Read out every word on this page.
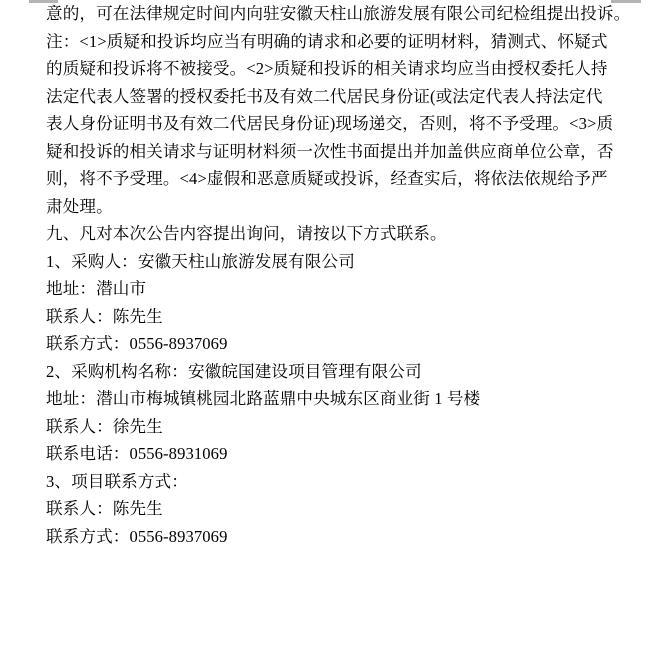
意的，可在法律规定时间内向驻安徽天柱山旅游发展有限公司纪检组提出投诉。
注：<1>质疑和投诉均应当有明确的请求和必要的证明材料，猜测式、怀疑式
的质疑和投诉将不被接受。<2>质疑和投诉的相关请求均应当由授权委托人持
法定代表人签署的授权委托书及有效二代居民身份证(或法定代表人持法定代
表人身份证明书及有效二代居民身份证)现场递交，否则，将不予受理。<3>质
疑和投诉的相关请求与证明材料须一次性书面提出并加盖供应商单位公章，否
则，将不予受理。<4>虚假和恶意质疑或投诉，经查实后，将依法依规给予严
肃处理。
九、凡对本次公告内容提出询问，请按以下方式联系。
1、采购人：安徽天柱山旅游发展有限公司
地址：潜山市
联系人：陈先生
联系方式：0556-8937069
2、采购机构名称：安徽皖国建设项目管理有限公司
地址：潜山市梅城镇桃园北路蓝鼎中央城东区商业街 1 号楼
联系人：徐先生
联系电话：0556-8931069
3、项目联系方式：
联系人：陈先生
联系方式：0556-8937069
